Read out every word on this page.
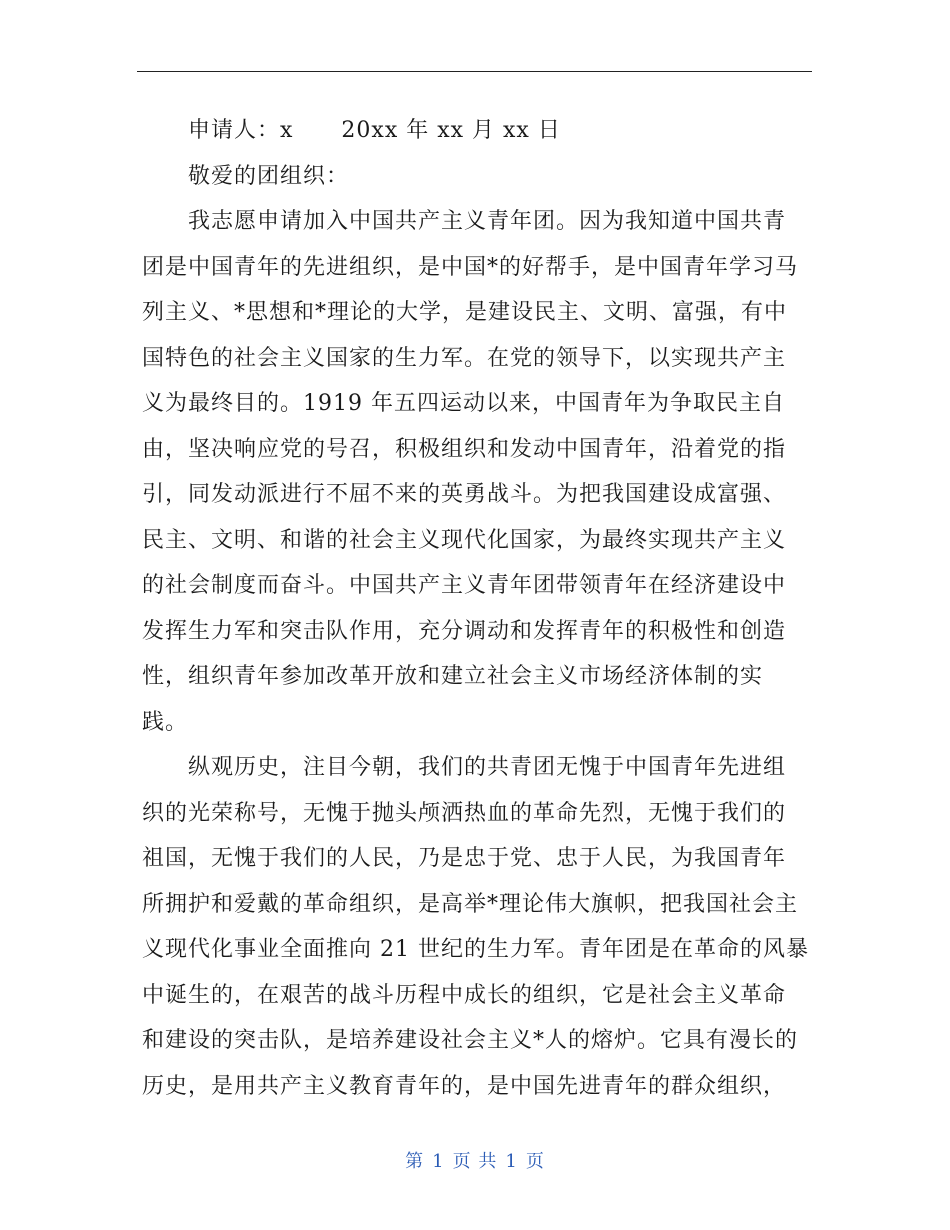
申请人：x 20xx 年 xx 月 xx 日
敬爱的团组织：
我志愿申请加入中国共产主义青年团。因为我知道中国共青
团是中国青年的先进组织，是中国*的好帮手，是中国青年学习马
列主义、*思想和*理论的大学，是建设民主、文明、富强，有中
国特色的社会主义国家的生力军。在党的领导下，以实现共产主
义为最终目的。1919 年五四运动以来，中国青年为争取民主自
由，坚决响应党的号召，积极组织和发动中国青年，沿着党的指
引，同发动派进行不屈不来的英勇战斗。为把我国建设成富强、
民主、文明、和谐的社会主义现代化国家，为最终实现共产主义
的社会制度而奋斗。中国共产主义青年团带领青年在经济建设中
发挥生力军和突击队作用，充分调动和发挥青年的积极性和创造
性，组织青年参加改革开放和建立社会主义市场经济体制的实
践。
纵观历史，注目今朝，我们的共青团无愧于中国青年先进组
织的光荣称号，无愧于抛头颅洒热血的革命先烈，无愧于我们的
祖国，无愧于我们的人民，乃是忠于党、忠于人民，为我国青年
所拥护和爱戴的革命组织，是高举*理论伟大旗帜，把我国社会主
义现代化事业全面推向 21 世纪的生力军。青年团是在革命的风暴
中诞生的，在艰苦的战斗历程中成长的组织，它是社会主义革命
和建设的突击队，是培养建设社会主义*人的熔炉。它具有漫长的
历史，是用共产主义教育青年的，是中国先进青年的群众组织，
第 1 页 共 1 页
